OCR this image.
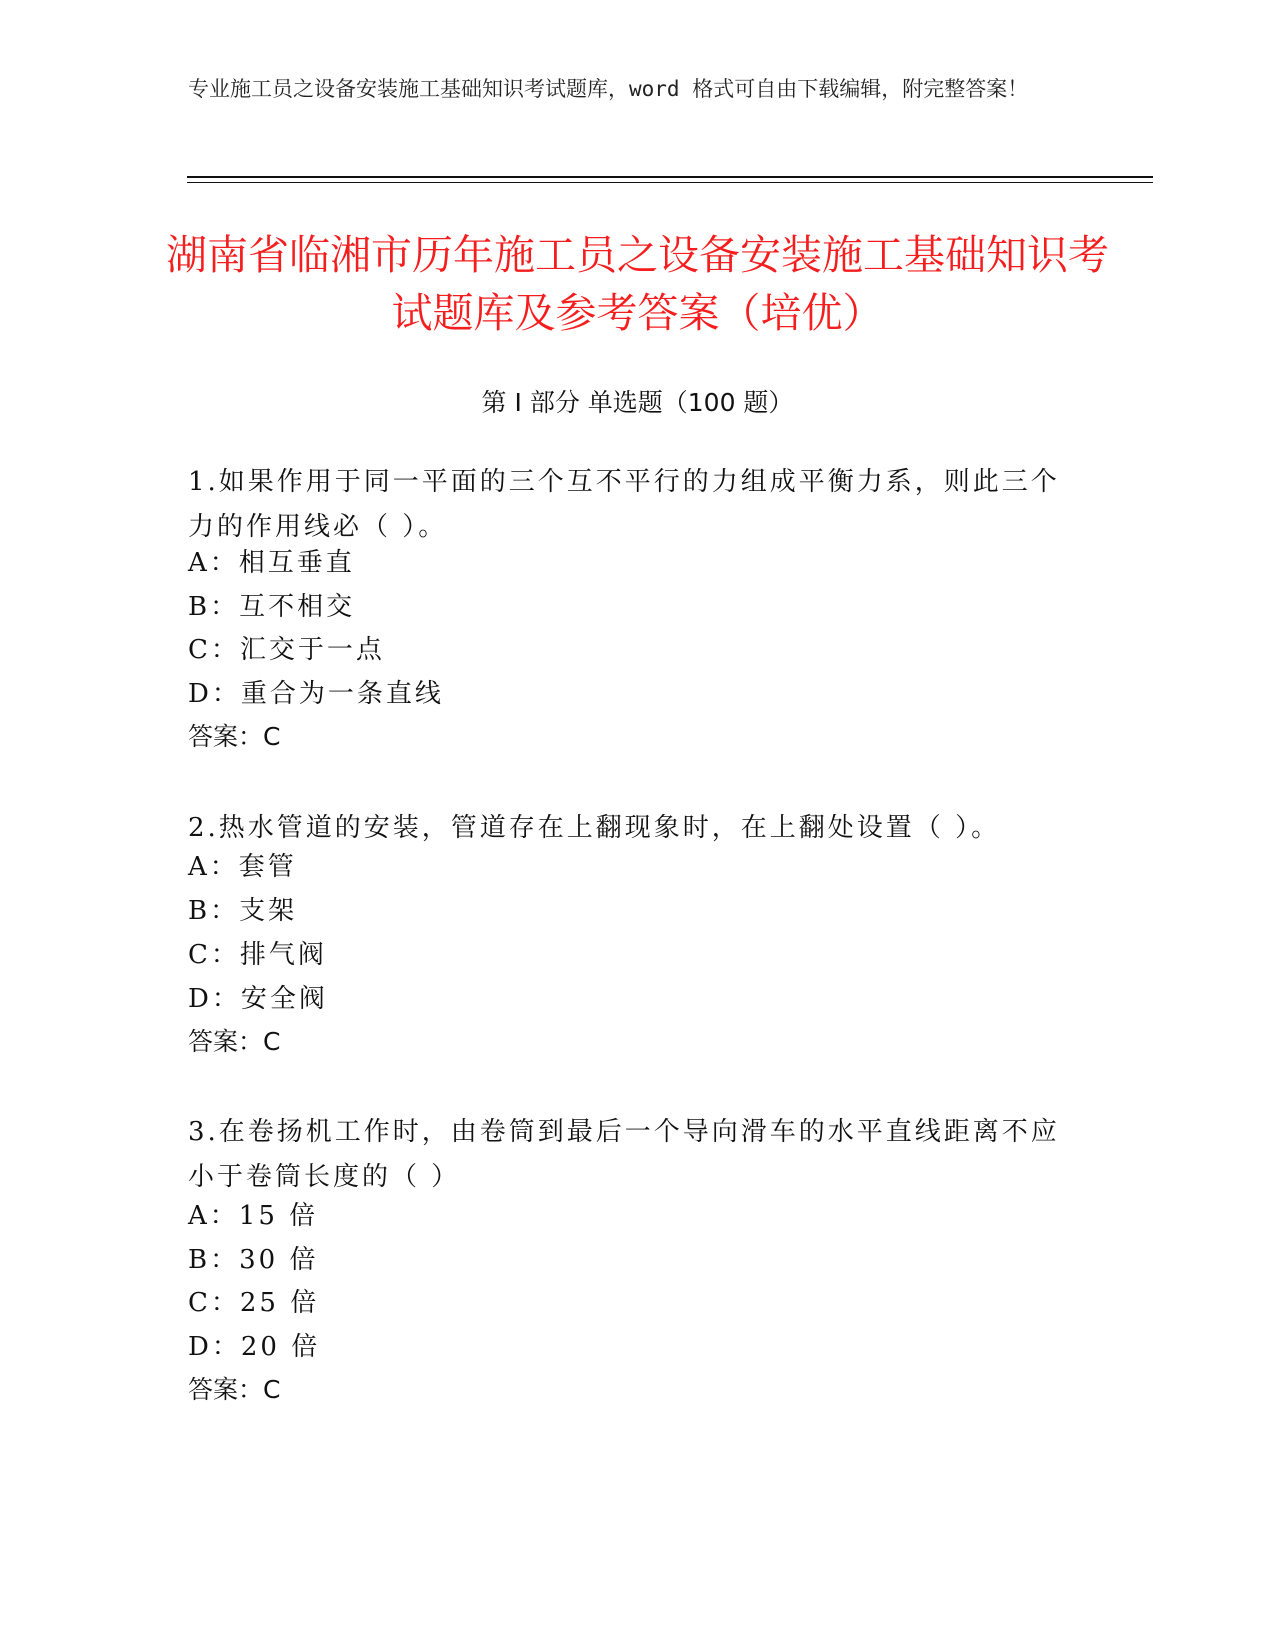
专业施工员之设备安装施工基础知识考试题库，word 格式可自由下载编辑，附完整答案！
湖南省临湘市历年施工员之设备安装施工基础知识考试题库及参考答案（培优）
第 I 部分 单选题（100 题）
1.如果作用于同一平面的三个互不平行的力组成平衡力系，则此三个力的作用线必（ ）。
A：相互垂直
B：互不相交
C：汇交于一点
D：重合为一条直线
答案：C
2.热水管道的安装，管道存在上翻现象时，在上翻处设置（ ）。
A：套管
B：支架
C：排气阀
D：安全阀
答案：C
3.在卷扬机工作时，由卷筒到最后一个导向滑车的水平直线距离不应小于卷筒长度的（ ）
A：15 倍
B：30 倍
C：25 倍
D：20 倍
答案：C
